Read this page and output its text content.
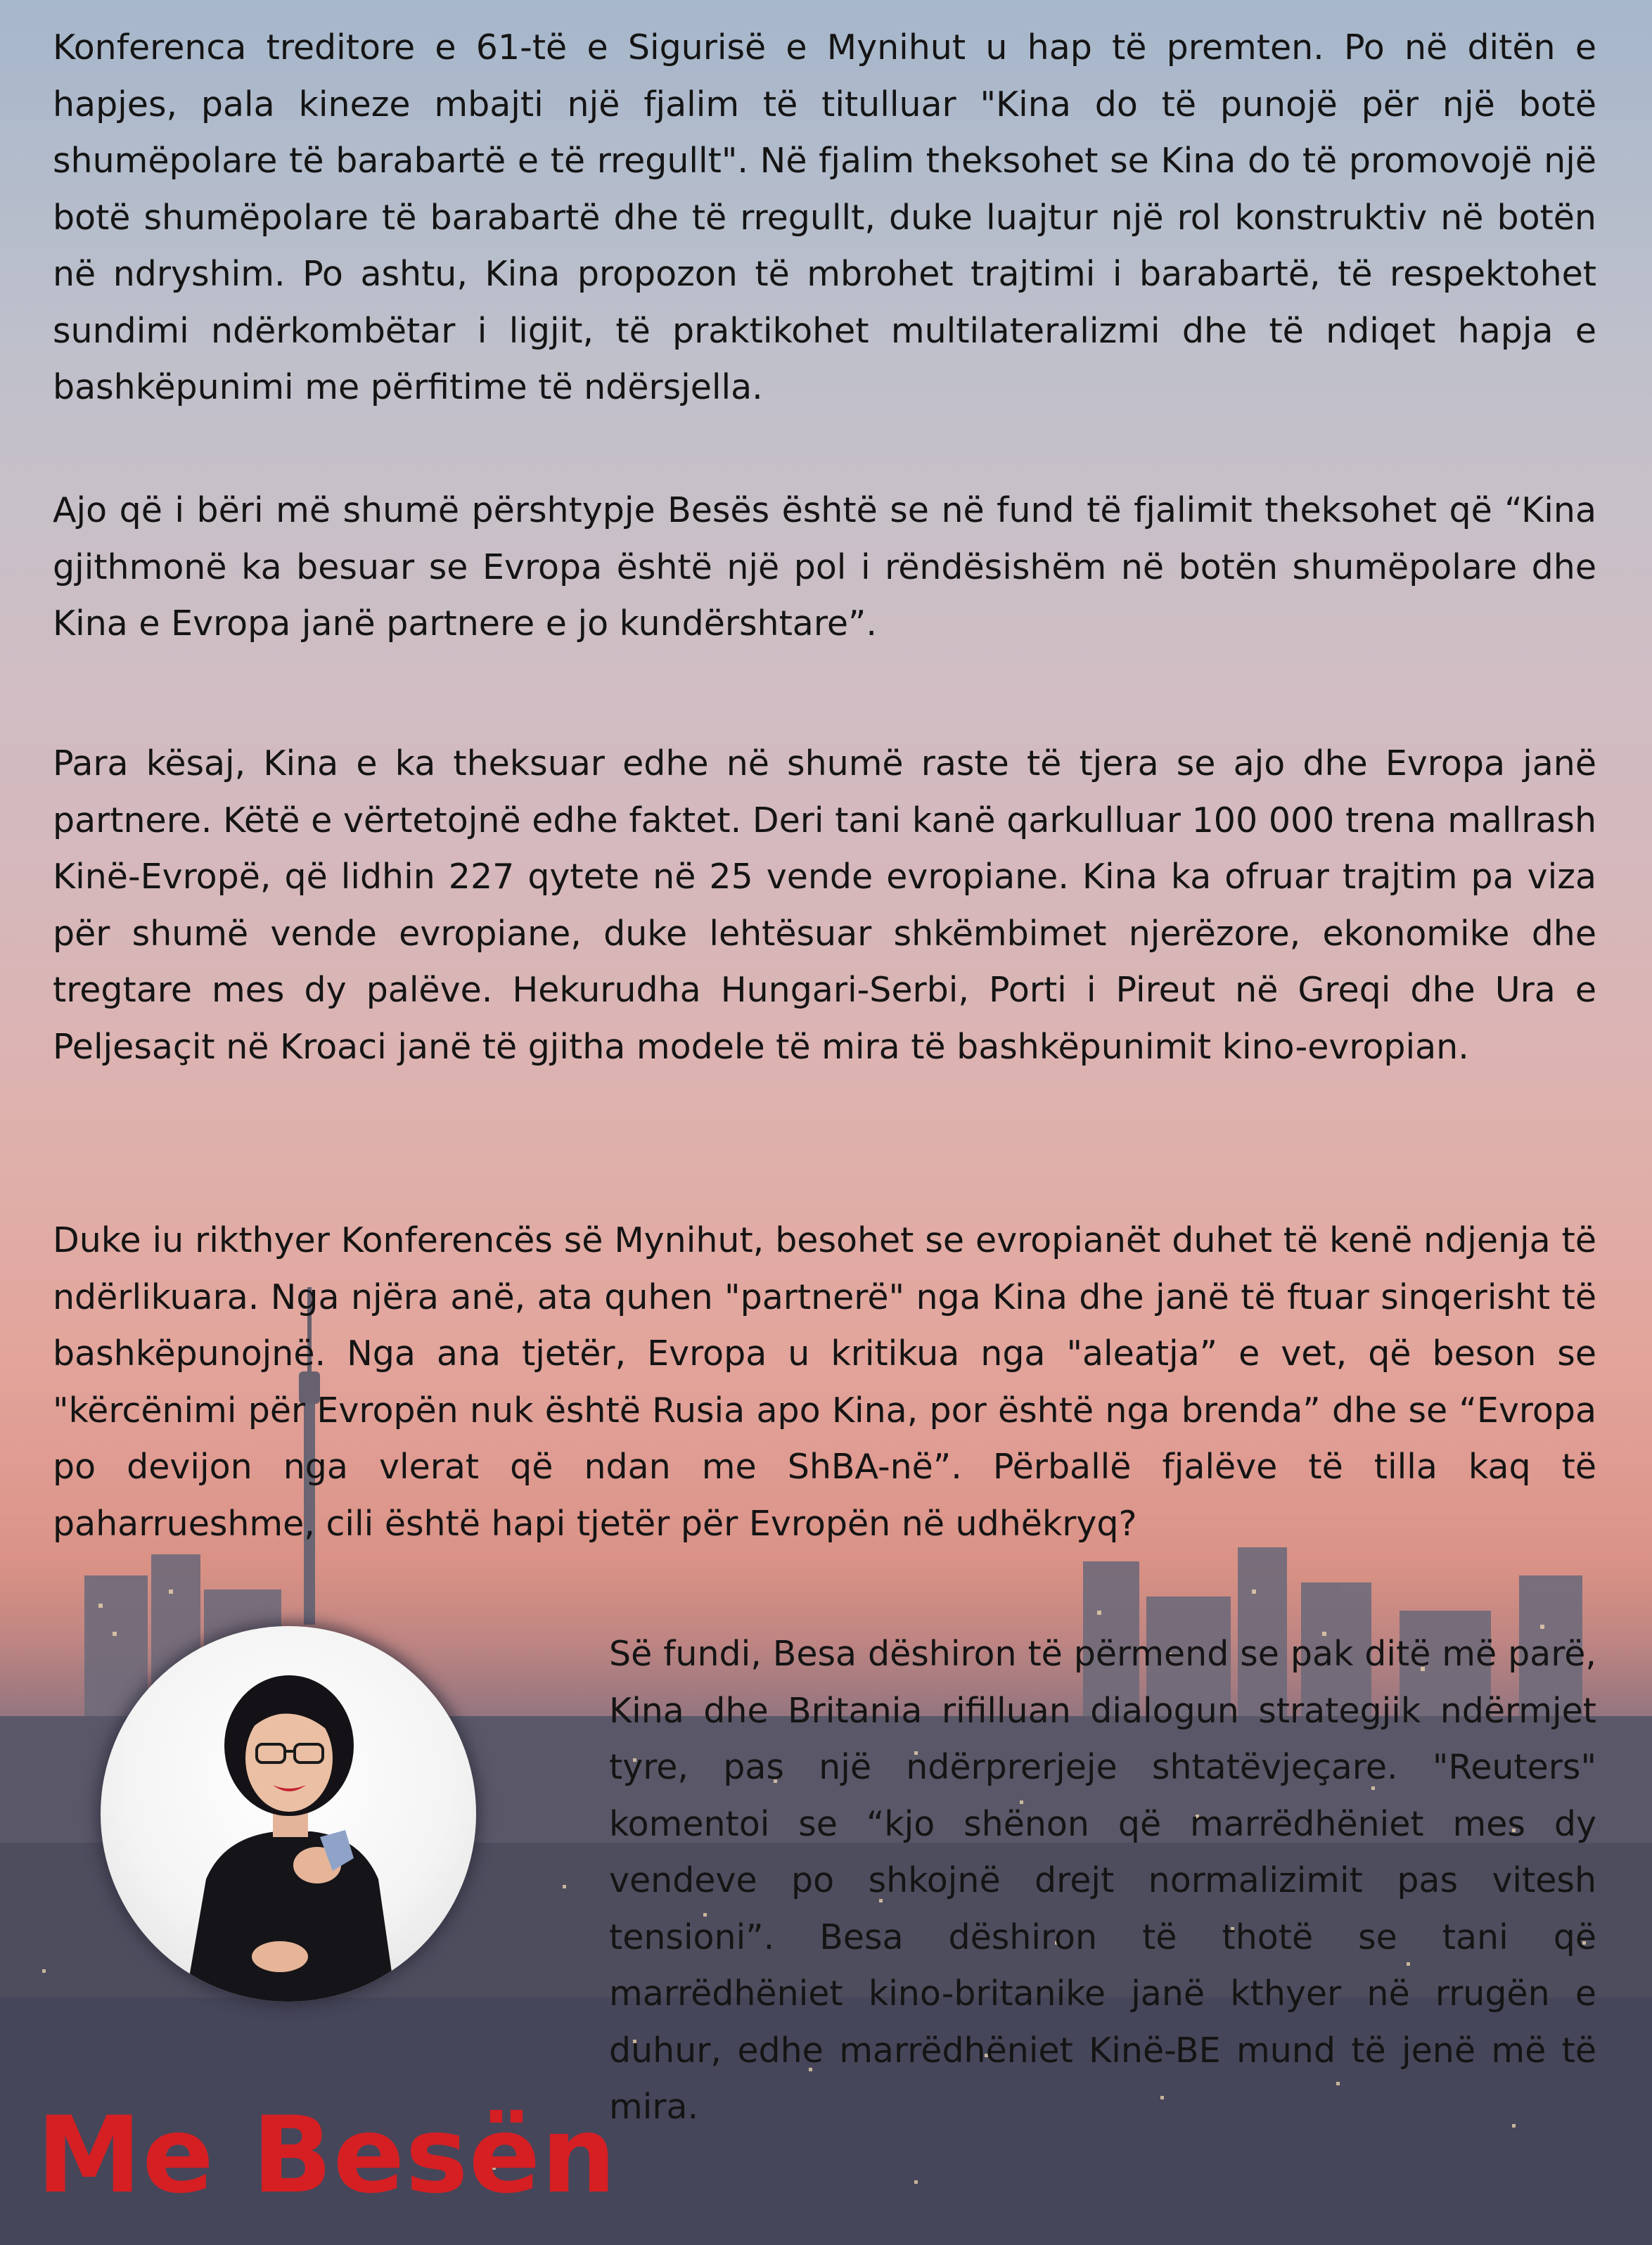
Konferenca treditore e 61-të e Sigurisë e Mynihut u hap të premten. Po në ditën e hapjes, pala kineze mbajti një fjalim të titulluar "Kina do të punojë për një botë shumëpolare të barabartë e të rregullt". Në fjalim theksohet se Kina do të promovojë një botë shumëpolare të barabartë dhe të rregullt, duke luajtur një rol konstruktiv në botën në ndryshim. Po ashtu, Kina propozon të mbrohet trajtimi i barabartë, të respektohet sundimi ndërkombëtar i ligjit, të praktikohet multilateralizmi dhe të ndiqet hapja e bashkëpunimi me përfitime të ndërsjella.

Ajo që i bëri më shumë përshtypje Besës është se në fund të fjalimit theksohet që “Kina gjithmonë ka besuar se Evropa është një pol i rëndësishëm në botën shumëpolare dhe Kina e Evropa janë partnere e jo kundërshtare”.

Para kësaj, Kina e ka theksuar edhe në shumë raste të tjera se ajo dhe Evropa janë partnere. Këtë e vërtetojnë edhe faktet. Deri tani kanë qarkulluar 100 000 trena mallrash Kinë-Evropë, që lidhin 227 qytete në 25 vende evropiane. Kina ka ofruar trajtim pa viza për shumë vende evropiane, duke lehtësuar shkëmbimet njerëzore, ekonomike dhe tregtare mes dy palëve. Hekurudha Hungari-Serbi, Porti i Pireut në Greqi dhe Ura e Peljesaçit në Kroaci janë të gjitha modele të mira të bashkëpunimit kino-evropian.

Duke iu rikthyer Konferencës së Mynihut, besohet se evropianët duhet të kenë ndjenja të ndërlikuara. Nga njëra anë, ata quhen "partnerë" nga Kina dhe janë të ftuar sinqerisht të bashkëpunojnë. Nga ana tjetër, Evropa u kritikua nga "aleatja” e vet, që beson se "kërcënimi për Evropën nuk është Rusia apo Kina, por është nga brenda” dhe se “Evropa po devijon nga vlerat që ndan me ShBA-në”. Përballë fjalëve të tilla kaq të paharrueshme, cili është hapi tjetër për Evropën në udhëkryq?

Së fundi, Besa dëshiron të përmend se pak ditë më parë, Kina dhe Britania rifilluan dialogun strategjik ndërmjet tyre, pas një ndërprerjeje shtatëvjeçare. "Reuters" komentoi se “kjo shënon që marrëdhëniet mes dy vendeve po shkojnë drejt normalizimit pas vitesh tensioni”. Besa dëshiron të thotë se tani që marrëdhëniet kino-britanike janë kthyer në rrugën e duhur, edhe marrëdhëniet Kinë-BE mund të jenë më të mira.

Me Besën
